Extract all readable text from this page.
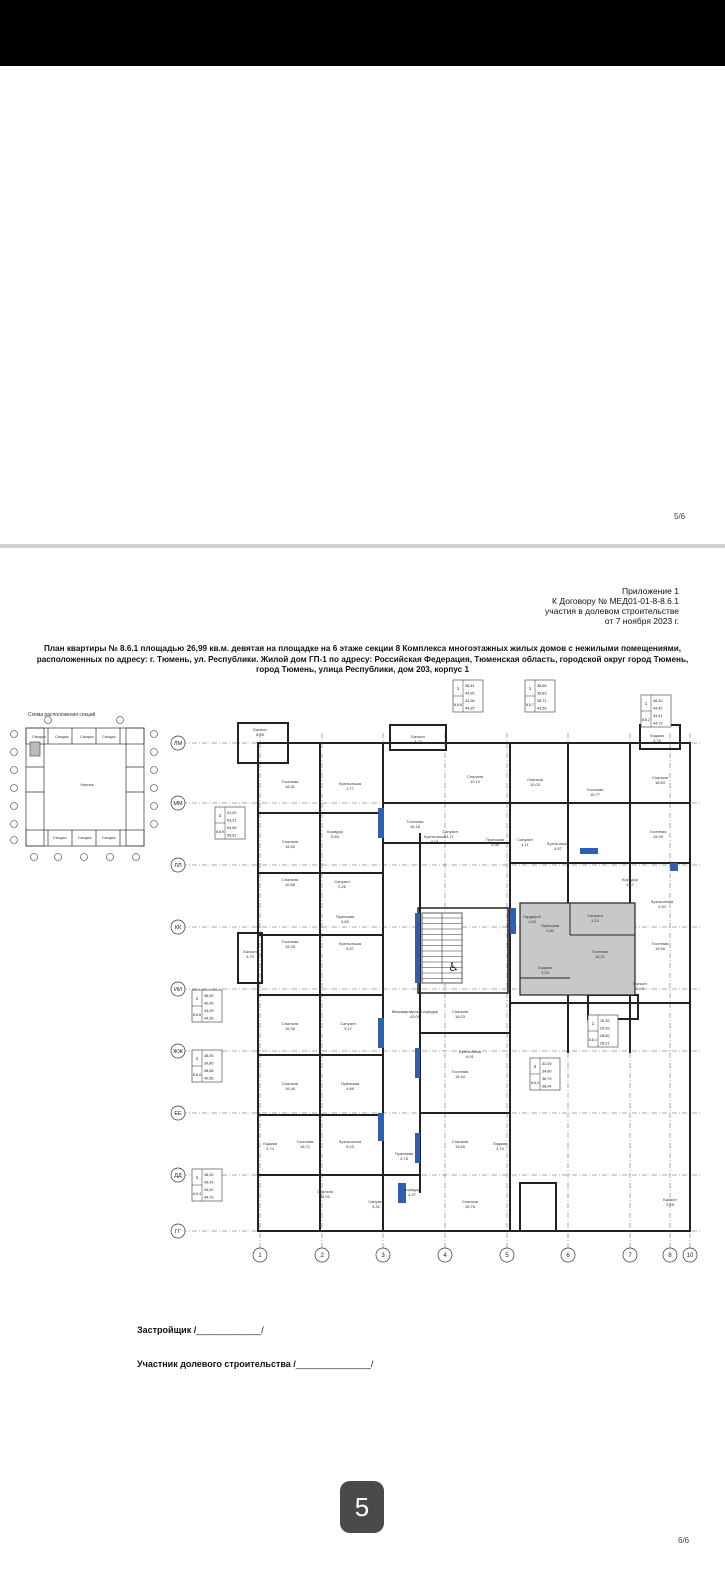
5/6
Приложение 1
К Договору № МЕД01-01-8-8.6.1
участия в долевом строительстве
от 7 ноября 2023 г.
План квартиры № 8.6.1 площадью 26,99 кв.м. девятая на площадке на 6 этаже секции 8 Комплекса многоэтажных жилых домов с нежилыми помещениями, расположенных по адресу: г. Тюмень, ул. Республики. Жилой дом ГП-1 по адресу: Российская Федерация, Тюменская область, городской округ город Тюмень, город Тюмень, улица Республики, дом 203, корпус 1
Схема расположения секций
Секция Секция	Секция Секция
Секция	Секция	Секция
Чертеж
ЛМ
ММ
ЛЛ
КК
ИИ
ЖЖ
ЕЕ
ДД
ГГ
1	2	3	4	5	6	7	8 10
♿
Балкон
8,28	Балкон
3,24
Гостиная
16,31
Кухня-ниша
1,77
Спальня
10,10	Спальня
10,03
Лоджия
3,76
Спальня
16,63
Гостиная
15,77
Спальня
16,65
Коридор
5,46
Гостиная
16,18
Кухня-ниша
6,01
Спальня
10,68
Санузел
2,26
Прихожая
5,85
Гостиная
15,28
Кухня-ниша
6,97
Балкон
3,70
Межквартирный коридор
43,09
Спальня
16,36
Санузел
3,17
Спальня
16,48
Прихожая
4,86
Лоджия
3,74
Гостиная
16,71
Кухня-ниша
5,03
Прихожая
3,78
Спальня
11,92
Коридор
4,37
Спальня
15,65
Лоджия
3,70
Спальня
15,76
Балкон
3,28
Гостиная
15,99
Санузел
3,71
Прихожая
3,36
Санузел
4,11	Кухня-ниша
5,57
Гостиная
15,44
Спальня
16,03
Гостиная
16,21
Лоджия
3,33
Балкон
3,29
Гардероб
1,63
Прихожая
2,90
Санузел
3,10
Коридор
4,47
Кухня-ниша
4,90
Гостиная
15,56
Кухня-ниша
6,91
Санузел
3,32
1
8.6.8
38,44
44,95
43,06
44,25
1
8.6.7
38,65
39,83
38,71
43,59
1
8.6.2
38,32
44,42
43,41
44,73
2
8.6.9
51,00
63,21
63,69
65,61
1
8.6.6
38,00
40,96
43,09
44,28
1
8.6.1
16,39
26,99
28,60
28,21
1
8.6.5
38,05
39,80
38,68
40,58
2
8.6.3
32,00
34,80
36,79
38,04
1
8.6.4
38,30
43,43
44,42
44,73
Застройщик /_____________/
Участник долевого строительства /_______________/
6/6
5
